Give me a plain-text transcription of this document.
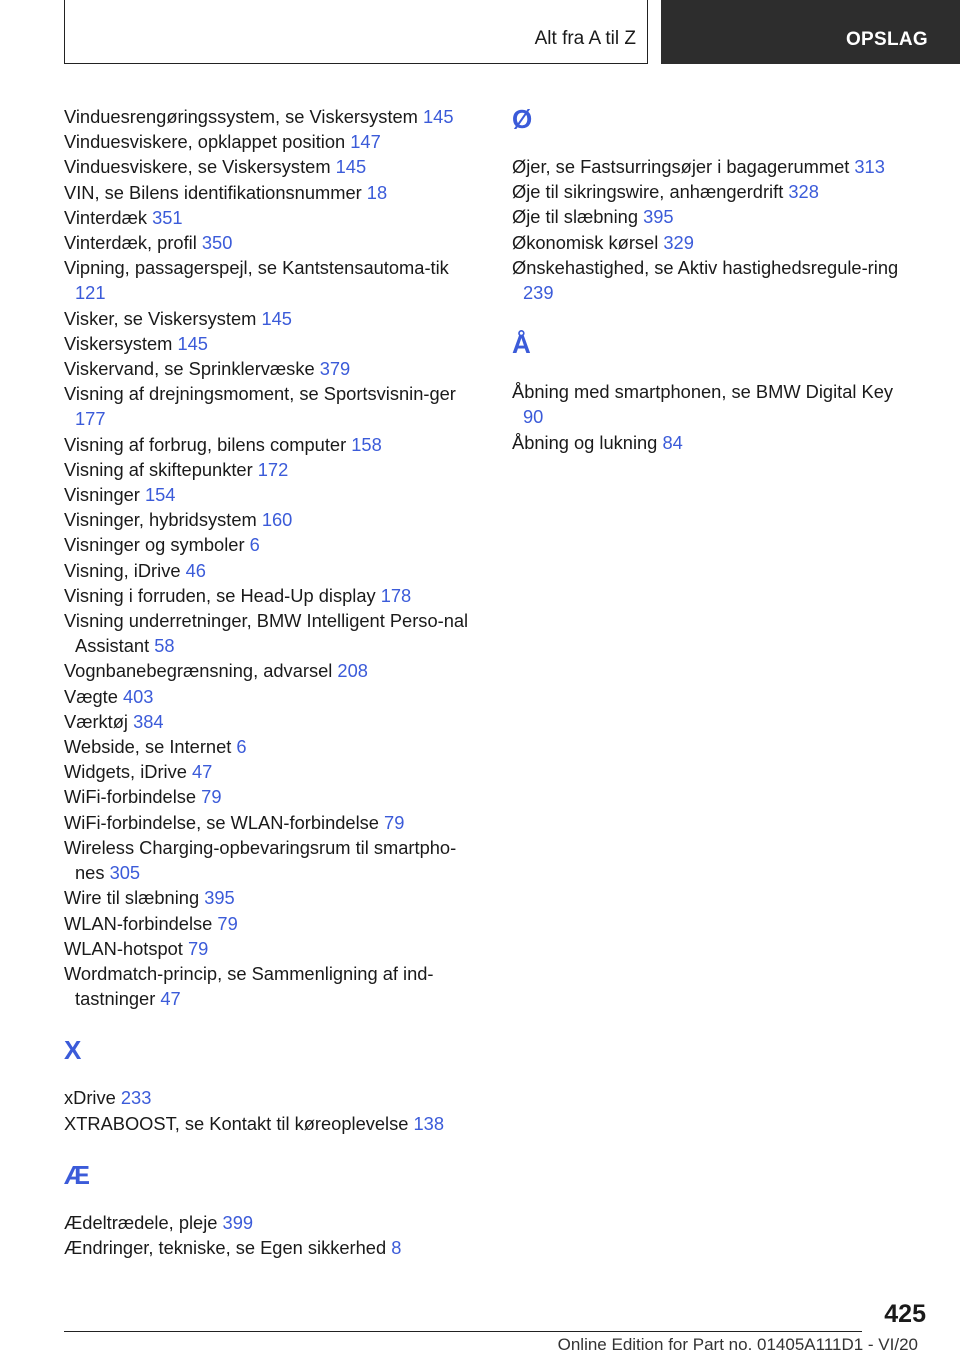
Alt fra A til Z	OPSLAG

Vinduesrengøringssystem, se Viskersystem 145

Vinduesviskere, opklappet position 147

Vinduesviskere, se Viskersystem 145

VIN, se Bilens identifikationsnummer 18

Vinterdæk 351

Vinterdæk, profil 350

Vipning, passagerspejl, se Kantstensautoma‐tik 121

Visker, se Viskersystem 145

Viskersystem 145

Viskervand, se Sprinklervæske 379

Visning af drejningsmoment, se Sportsvisnin‐ger 177

Visning af forbrug, bilens computer 158

Visning af skiftepunkter 172

Visninger 154

Visninger, hybridsystem 160

Visninger og symboler 6

Visning, iDrive 46

Visning i forruden, se Head-Up display 178

Visning underretninger, BMW Intelligent Perso‐nal Assistant 58

Vognbanebegrænsning, advarsel 208

Vægte 403

Værktøj 384

Webside, se Internet 6

Widgets, iDrive 47

WiFi-forbindelse 79

WiFi-forbindelse, se WLAN-forbindelse 79

Wireless Charging-opbevaringsrum til smartpho‐nes 305

Wire til slæbning 395

WLAN-forbindelse 79

WLAN-hotspot 79

Wordmatch-princip, se Sammenligning af ind‐tastninger 47

X

xDrive 233

XTRABOOST, se Kontakt til køreoplevelse 138

Æ

Ædeltrædele, pleje 399

Ændringer, tekniske, se Egen sikkerhed 8

Ø

Øjer, se Fastsurringsøjer i bagagerummet 313

Øje til sikringswire, anhængerdrift 328

Øje til slæbning 395

Økonomisk kørsel 329

Ønskehastighed, se Aktiv hastighedsregule‐ring 239

Å

Åbning med smartphonen, se BMW Digital Key 90

Åbning og lukning 84

425
Online Edition for Part no. 01405A111D1 - VI/20
